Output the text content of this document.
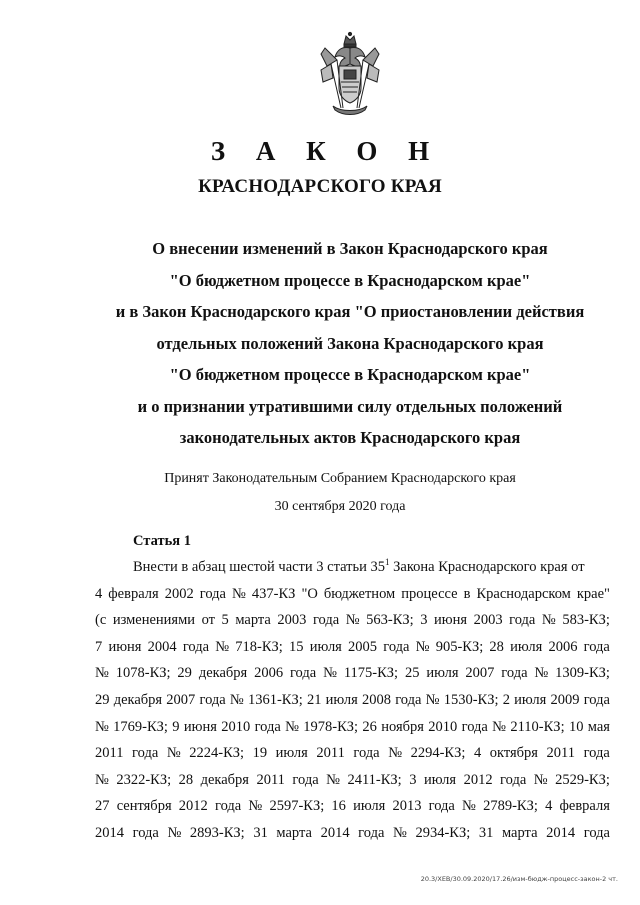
З А К О Н
КРАСНОДАРСКОГО КРАЯ
О внесении изменений в Закон Краснодарского края
"О бюджетном процессе в Краснодарском крае"
и в Закон Краснодарского края "О приостановлении действия
отдельных положений Закона Краснодарского края
"О бюджетном процессе в Краснодарском крае"
и о признании утратившими силу отдельных положений
законодательных актов Краснодарского края
Принят Законодательным Собранием Краснодарского края
30 сентября 2020 года
Статья 1
Внести в абзац шестой части 3 статьи $35^1$ Закона Краснодарского края от
4 февраля 2002 года № 437-КЗ "О бюджетном процессе в Краснодарском крае"
(с изменениями от 5 марта 2003 года № 563-КЗ; 3 июня 2003 года № 583-КЗ;
7 июня 2004 года № 718-КЗ; 15 июля 2005 года № 905-КЗ; 28 июля 2006 года
№ 1078-КЗ; 29 декабря 2006 года № 1175-КЗ; 25 июля 2007 года № 1309-КЗ;
29 декабря 2007 года № 1361-КЗ; 21 июля 2008 года № 1530-КЗ; 2 июля 2009 года
№ 1769-КЗ; 9 июня 2010 года № 1978-КЗ; 26 ноября 2010 года № 2110-КЗ; 10 мая
2011 года № 2224-КЗ; 19 июля 2011 года № 2294-КЗ; 4 октября 2011 года
№ 2322-КЗ; 28 декабря 2011 года № 2411-КЗ; 3 июля 2012 года № 2529-КЗ;
27 сентября 2012 года № 2597-КЗ; 16 июля 2013 года № 2789-КЗ; 4 февраля
2014 года № 2893-КЗ; 31 марта 2014 года № 2934-КЗ; 31 марта 2014 года
20.3/ХЕВ/30.09.2020/17.26/изм-бюдж-процесс-закон-2 чт.
